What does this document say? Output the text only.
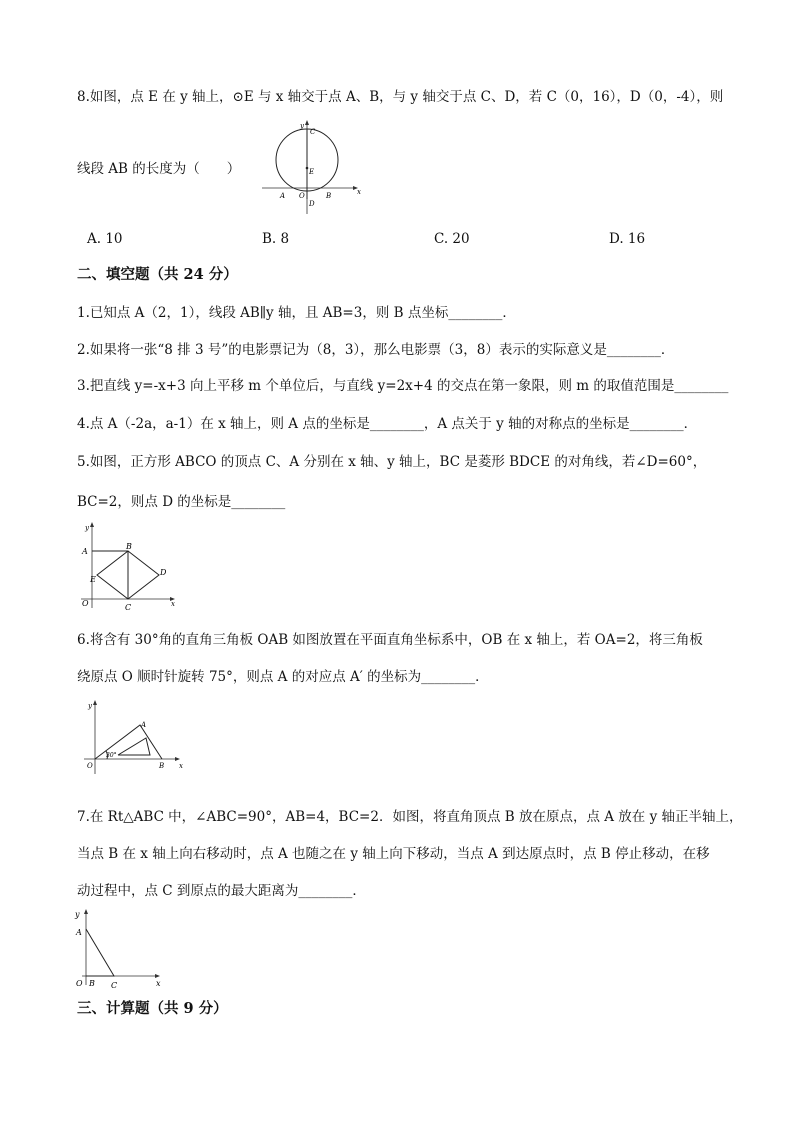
8.如图，点 E 在 y 轴上，⊙E 与 x 轴交于点 A、B，与 y 轴交于点 C、D，若 C（0，16），D（0，-4），则
线段 AB 的长度为（　　）
y
C
E
A O	B
D
x
A. 10	B. 8	C. 20	D. 16
二、填空题（共 24 分）
1.已知点 A（2，1），线段 AB∥y 轴，且 AB=3，则 B 点坐标________．
2.如果将一张“8 排 3 号”的电影票记为（8，3），那么电影票（3，8）表示的实际意义是________．
3.把直线 y=-x+3 向上平移 m 个单位后，与直线 y=2x+4 的交点在第一象限，则 m 的取值范围是________
4.点 A（-2a，a-1）在 x 轴上，则 A 点的坐标是________，A 点关于 y 轴的对称点的坐标是________．
5.如图，正方形 ABCO 的顶点 C、A 分别在 x 轴、y 轴上，BC 是菱形 BDCE 的对角线，若∠D=60°，
BC=2，则点 D 的坐标是________
y
A
B
E
D
O	C	x
6.将含有 30°角的直角三角板 OAB 如图放置在平面直角坐标系中，OB 在 x 轴上，若 OA=2，将三角板
绕原点 O 顺时针旋转 75°，则点 A 的对应点 A′ 的坐标为________．
y
A
30°
O	B x
7.在 Rt△ABC 中，∠ABC=90°，AB=4，BC=2．如图，将直角顶点 B 放在原点，点 A 放在 y 轴正半轴上，
当点 B 在 x 轴上向右移动时，点 A 也随之在 y 轴上向下移动，当点 A 到达原点时，点 B 停止移动，在移
动过程中，点 C 到原点的最大距离为________．
y
A
O B C	x
三、计算题（共 9 分）
